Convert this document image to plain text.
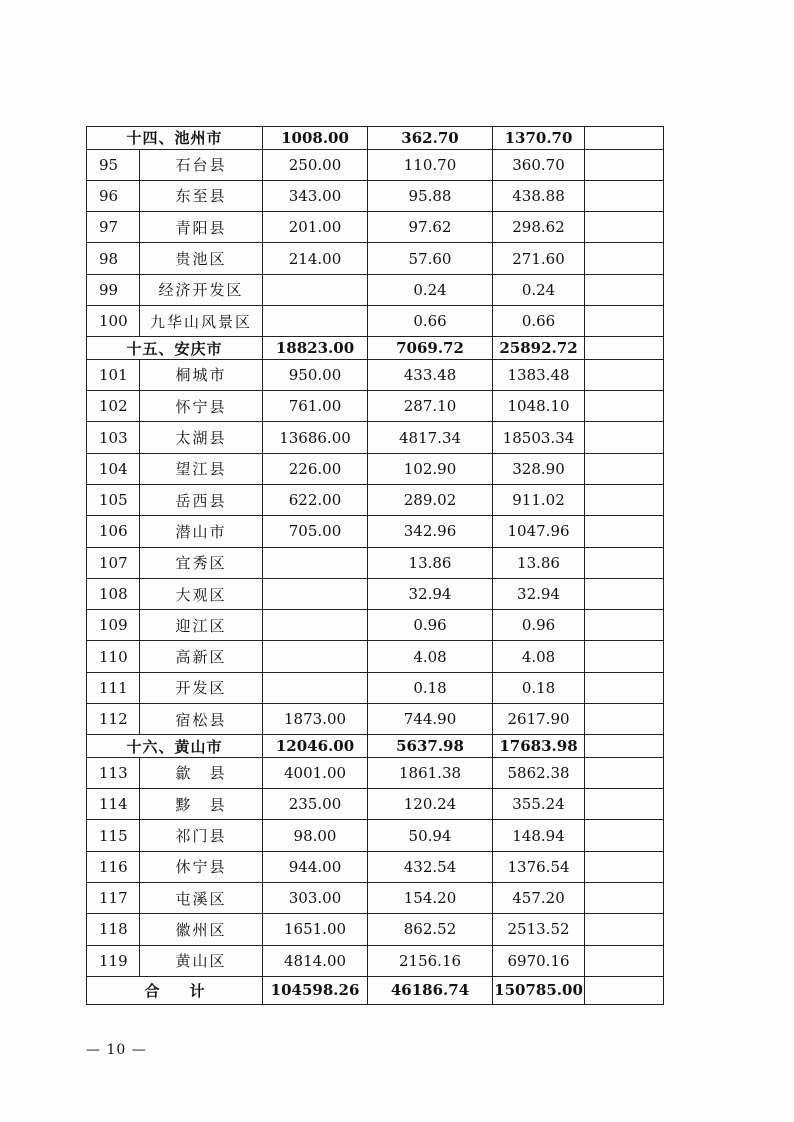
十四、池州市		1008.00	362.70	1370.70	
95	石台县	250.00	110.70	360.70	
96	东至县	343.00	95.88	438.88	
97	青阳县	201.00	97.62	298.62	
98	贵池区	214.00	57.60	271.60	
99	经济开发区		0.24	0.24	
100	九华山风景区		0.66	0.66	
十五、安庆市		18823.00	7069.72	25892.72	
101	桐城市	950.00	433.48	1383.48	
102	怀宁县	761.00	287.10	1048.10	
103	太湖县	13686.00	4817.34	18503.34	
104	望江县	226.00	102.90	328.90	
105	岳西县	622.00	289.02	911.02	
106	潜山市	705.00	342.96	1047.96	
107	宜秀区		13.86	13.86	
108	大观区		32.94	32.94	
109	迎江区		0.96	0.96	
110	高新区		4.08	4.08	
111	开发区		0.18	0.18	
112	宿松县	1873.00	744.90	2617.90	
十六、黄山市		12046.00	5637.98	17683.98	
113	歙　县	4001.00	1861.38	5862.38	
114	黟　县	235.00	120.24	355.24	
115	祁门县	98.00	50.94	148.94	
116	休宁县	944.00	432.54	1376.54	
117	屯溪区	303.00	154.20	457.20	
118	徽州区	1651.00	862.52	2513.52	
119	黄山区	4814.00	2156.16	6970.16	
合　　计		104598.26	46186.74	150785.00	
— 10 —
